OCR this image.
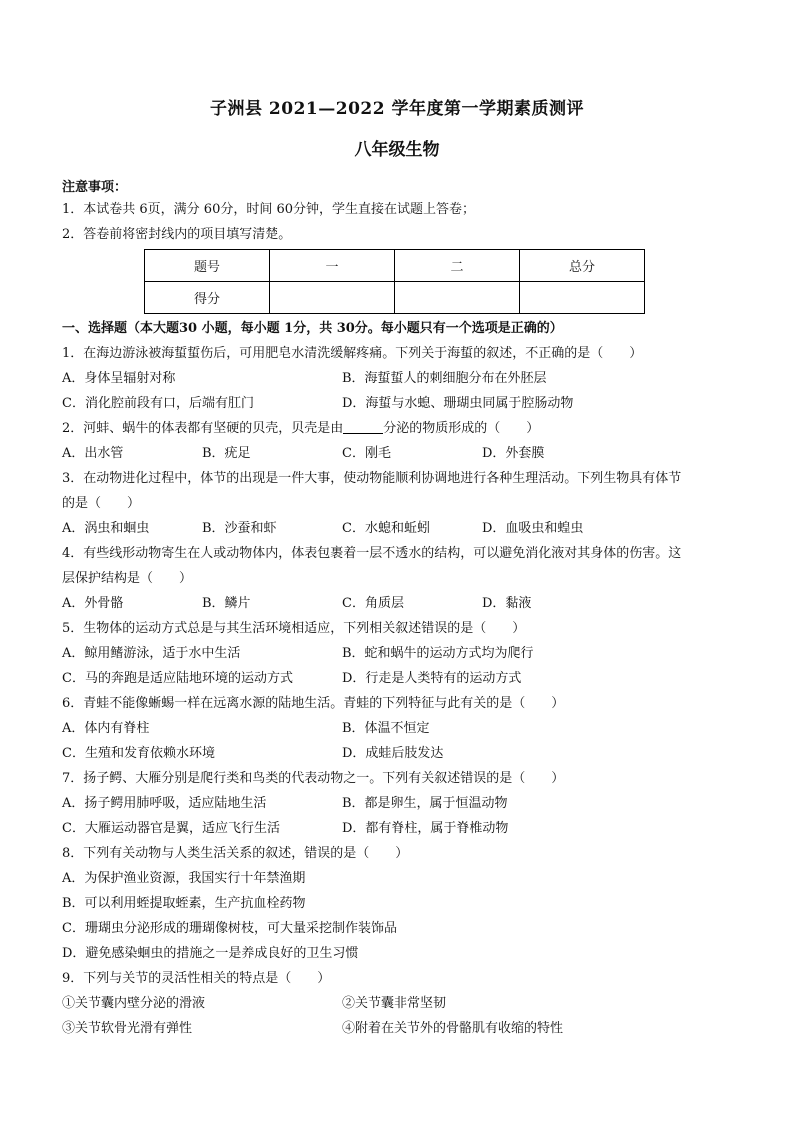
子洲县 2021—2022 学年度第一学期素质测评
八年级生物
注意事项：
1．本试卷共 6页，满分 60分，时间 60分钟，学生直接在试题上答卷；
2．答卷前将密封线内的项目填写清楚。
题号	一	二	总分
得分			
一、选择题（本大题30 小题，每小题 1分，共 30分。每小题只有一个选项是正确的）
1．在海边游泳被海蜇蜇伤后，可用肥皂水清洗缓解疼痛。下列关于海蜇的叙述，不正确的是（　　）
A．身体呈辐射对称	B．海蜇蜇人的刺细胞分布在外胚层
C．消化腔前段有口，后端有肛门	D．海蜇与水螅、珊瑚虫同属于腔肠动物
2．河蚌、蜗牛的体表都有坚硬的贝壳，贝壳是由	分泌的物质形成的（　　）
A．出水管	B．疣足	C．刚毛	D．外套膜
3．在动物进化过程中，体节的出现是一件大事，使动物能顺利协调地进行各种生理活动。下列生物具有体节
的是（　　）
A．涡虫和蛔虫	B．沙蚕和虾	C．水螅和蚯蚓	D．血吸虫和蝗虫
4．有些线形动物寄生在人或动物体内，体表包裹着一层不透水的结构，可以避免消化液对其身体的伤害。这
层保护结构是（　　）
A．外骨骼	B．鳞片	C．角质层	D．黏液
5．生物体的运动方式总是与其生活环境相适应，下列相关叙述错误的是（　　）
A．鲸用鳍游泳，适于水中生活	B．蛇和蜗牛的运动方式均为爬行
C．马的奔跑是适应陆地环境的运动方式	D．行走是人类特有的运动方式
6．青蛙不能像蜥蜴一样在远离水源的陆地生活。青蛙的下列特征与此有关的是（　　）
A．体内有脊柱	B．体温不恒定
C．生殖和发育依赖水环境	D．成蛙后肢发达
7．扬子鳄、大雁分别是爬行类和鸟类的代表动物之一。下列有关叙述错误的是（　　）
A．扬子鳄用肺呼吸，适应陆地生活	B．都是卵生，属于恒温动物
C．大雁运动器官是翼，适应飞行生活	D．都有脊柱，属于脊椎动物
8．下列有关动物与人类生活关系的叙述，错误的是（　　）
A．为保护渔业资源，我国实行十年禁渔期
B．可以利用蛭提取蛭素，生产抗血栓药物
C．珊瑚虫分泌形成的珊瑚像树枝，可大量采挖制作装饰品
D．避免感染蛔虫的措施之一是养成良好的卫生习惯
9．下列与关节的灵活性相关的特点是（　　）
①关节囊内壁分泌的滑液	②关节囊非常坚韧
③关节软骨光滑有弹性	④附着在关节外的骨骼肌有收缩的特性
